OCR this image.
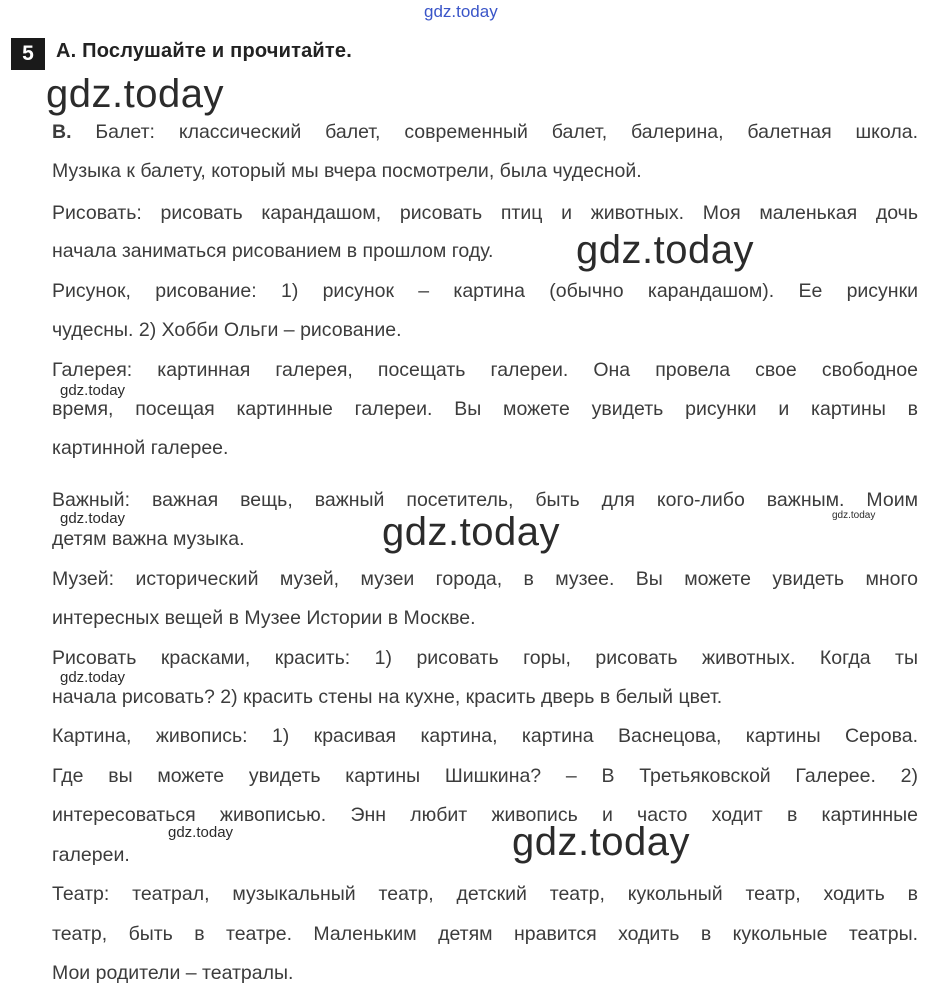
gdz.today
5	А. Послушайте и прочитайте.
В. Балет: классический балет, современный балет, балерина, балетная школа.
Музыка к балету, который мы вчера посмотрели, была чудесной.
Рисовать: рисовать карандашом, рисовать птиц и животных. Моя маленькая дочь
начала заниматься рисованием в прошлом году.
Рисунок, рисование: 1) рисунок – картина (обычно карандашом). Ее рисунки
чудесны. 2) Хобби Ольги – рисование.
Галерея: картинная галерея, посещать галереи. Она провела свое свободное
время, посещая картинные галереи. Вы можете увидеть рисунки и картины в
картинной галерее.
Важный: важная вещь, важный посетитель, быть для кого-либо важным. Моим
детям важна музыка.
Музей: исторический музей, музеи города, в музее. Вы можете увидеть много
интересных вещей в Музее Истории в Москве.
Рисовать красками, красить: 1) рисовать горы, рисовать животных. Когда ты
начала рисовать? 2) красить стены на кухне, красить дверь в белый цвет.
Картина, живопись: 1) красивая картина, картина Васнецова, картины Серова.
Где вы можете увидеть картины Шишкина? – В Третьяковской Галерее. 2)
интересоваться живописью. Энн любит живопись и часто ходит в картинные
галереи.
Театр: театрал, музыкальный театр, детский театр, кукольный театр, ходить в
театр, быть в театре. Маленьким детям нравится ходить в кукольные театры.
Мои родители – театралы.
gdz.today
gdz.today
gdz.today
gdz.today	gdz.today
gdz.today
gdz.today
gdz.today	gdz.today
